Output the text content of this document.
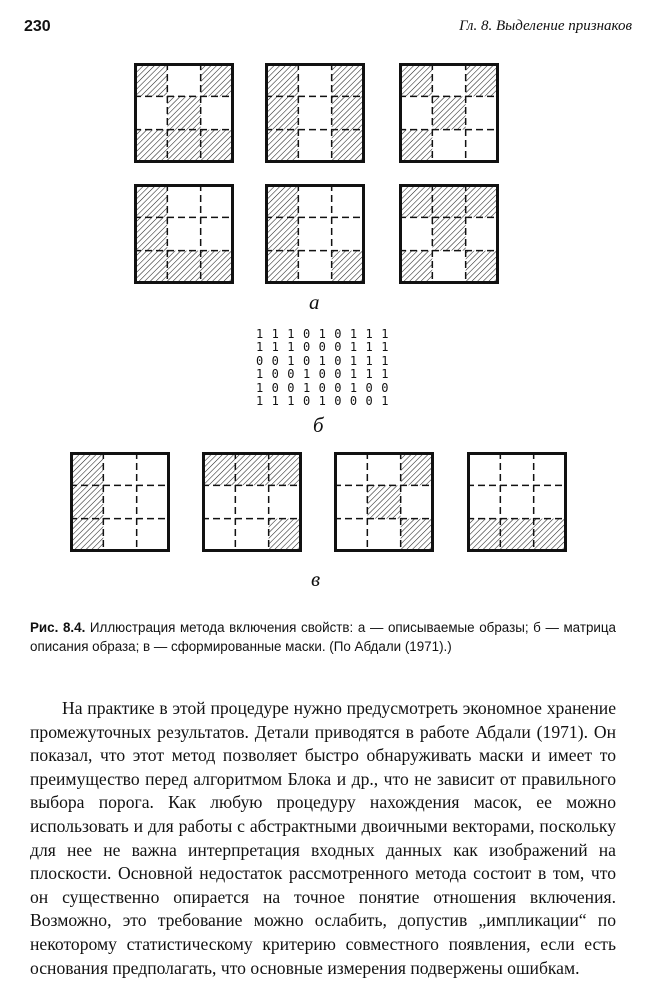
230	Гл. 8. Выделение признаков
а
1 1 1 0 1 0 1 1 1
1 1 1 0 0 0 1 1 1
0 0 1 0 1 0 1 1 1
1 0 0 1 0 0 1 1 1
1 0 0 1 0 0 1 0 0
1 1 1 0 1 0 0 0 1
б
в
Рис. 8.4. Иллюстрация метода включения свойств: а — описываемые образы; б — матрица описания образа; в — сформированные маски. (По Абдали (1971).)
На практике в этой процедуре нужно предусмотреть экономное хранение промежуточных результатов. Детали приводятся в работе Абдали (1971). Он показал, что этот метод позволяет быстро обнаруживать маски и имеет то преимущество перед алгоритмом Блока и др., что не зависит от правильного выбора порога. Как любую процедуру нахождения масок, ее можно использовать и для работы с абстрактными двоичными векторами, поскольку для нее не важна интерпретация входных данных как изображений на плоскости. Основной недостаток рассмотренного метода состоит в том, что он существенно опирается на точное понятие отношения включения. Возможно, это требование можно ослабить, допустив „импликации“ по некоторому статистическому критерию совместного появления, если есть основания предполагать, что основные измерения подвержены ошибкам.
